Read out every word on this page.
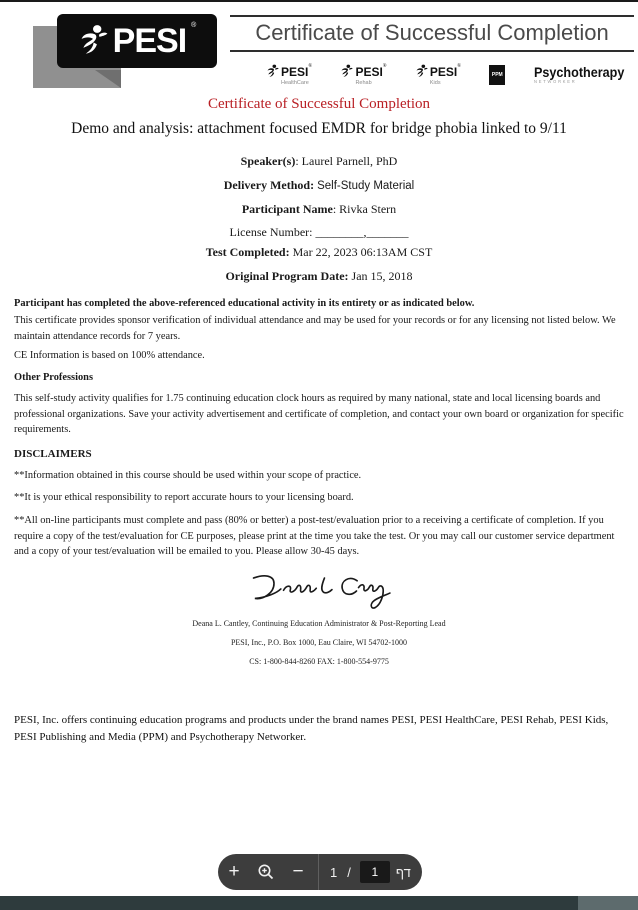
PESI ®	Certificate of Successful Completion
PESI®
HealthCare
PESI®
Rehab
PESI®
Kids
PPM Psychotherapy
NETWORKER
Certificate of Successful Completion
Demo and analysis: attachment focused EMDR for bridge phobia linked to 9/11
Speaker(s): Laurel Parnell, PhD
Delivery Method: Self-Study Material
Participant Name: Rivka Stern
License Number: ________,_______
Test Completed: Mar 22, 2023 06:13AM CST
Original Program Date: Jan 15, 2018
Participant has completed the above-referenced educational activity in its entirety or as indicated below.
This certificate provides sponsor verification of individual attendance and may be used for your records or for any licensing not listed below. We maintain attendance records for 7 years.
CE Information is based on 100% attendance.
Other Professions
This self-study activity qualifies for 1.75 continuing education clock hours as required by many national, state and local licensing boards and professional organizations. Save your activity advertisement and certificate of completion, and contact your own board or organization for specific requirements.
DISCLAIMERS
**Information obtained in this course should be used within your scope of practice.
**It is your ethical responsibility to report accurate hours to your licensing board.
**All on-line participants must complete and pass (80% or better) a post-test/evaluation prior to a receiving a certificate of completion. If you require a copy of the test/evaluation for CE purposes, please print at the time you take the test. Or you may call our customer service department and a copy of your test/evaluation will be emailed to you. Please allow 30-45 days.
Deana L. Cantley, Continuing Education Administrator & Post-Reporting Lead
PESI, Inc., P.O. Box 1000, Eau Claire, WI 54702-1000
CS: 1-800-844-8260 FAX: 1-800-554-9775
PESI, Inc. offers continuing education programs and products under the brand names PESI, PESI HealthCare, PESI Rehab, PESI Kids, PESI Publishing and Media (PPM) and Psychotherapy Networker.
+	−	1 /
1	דף
